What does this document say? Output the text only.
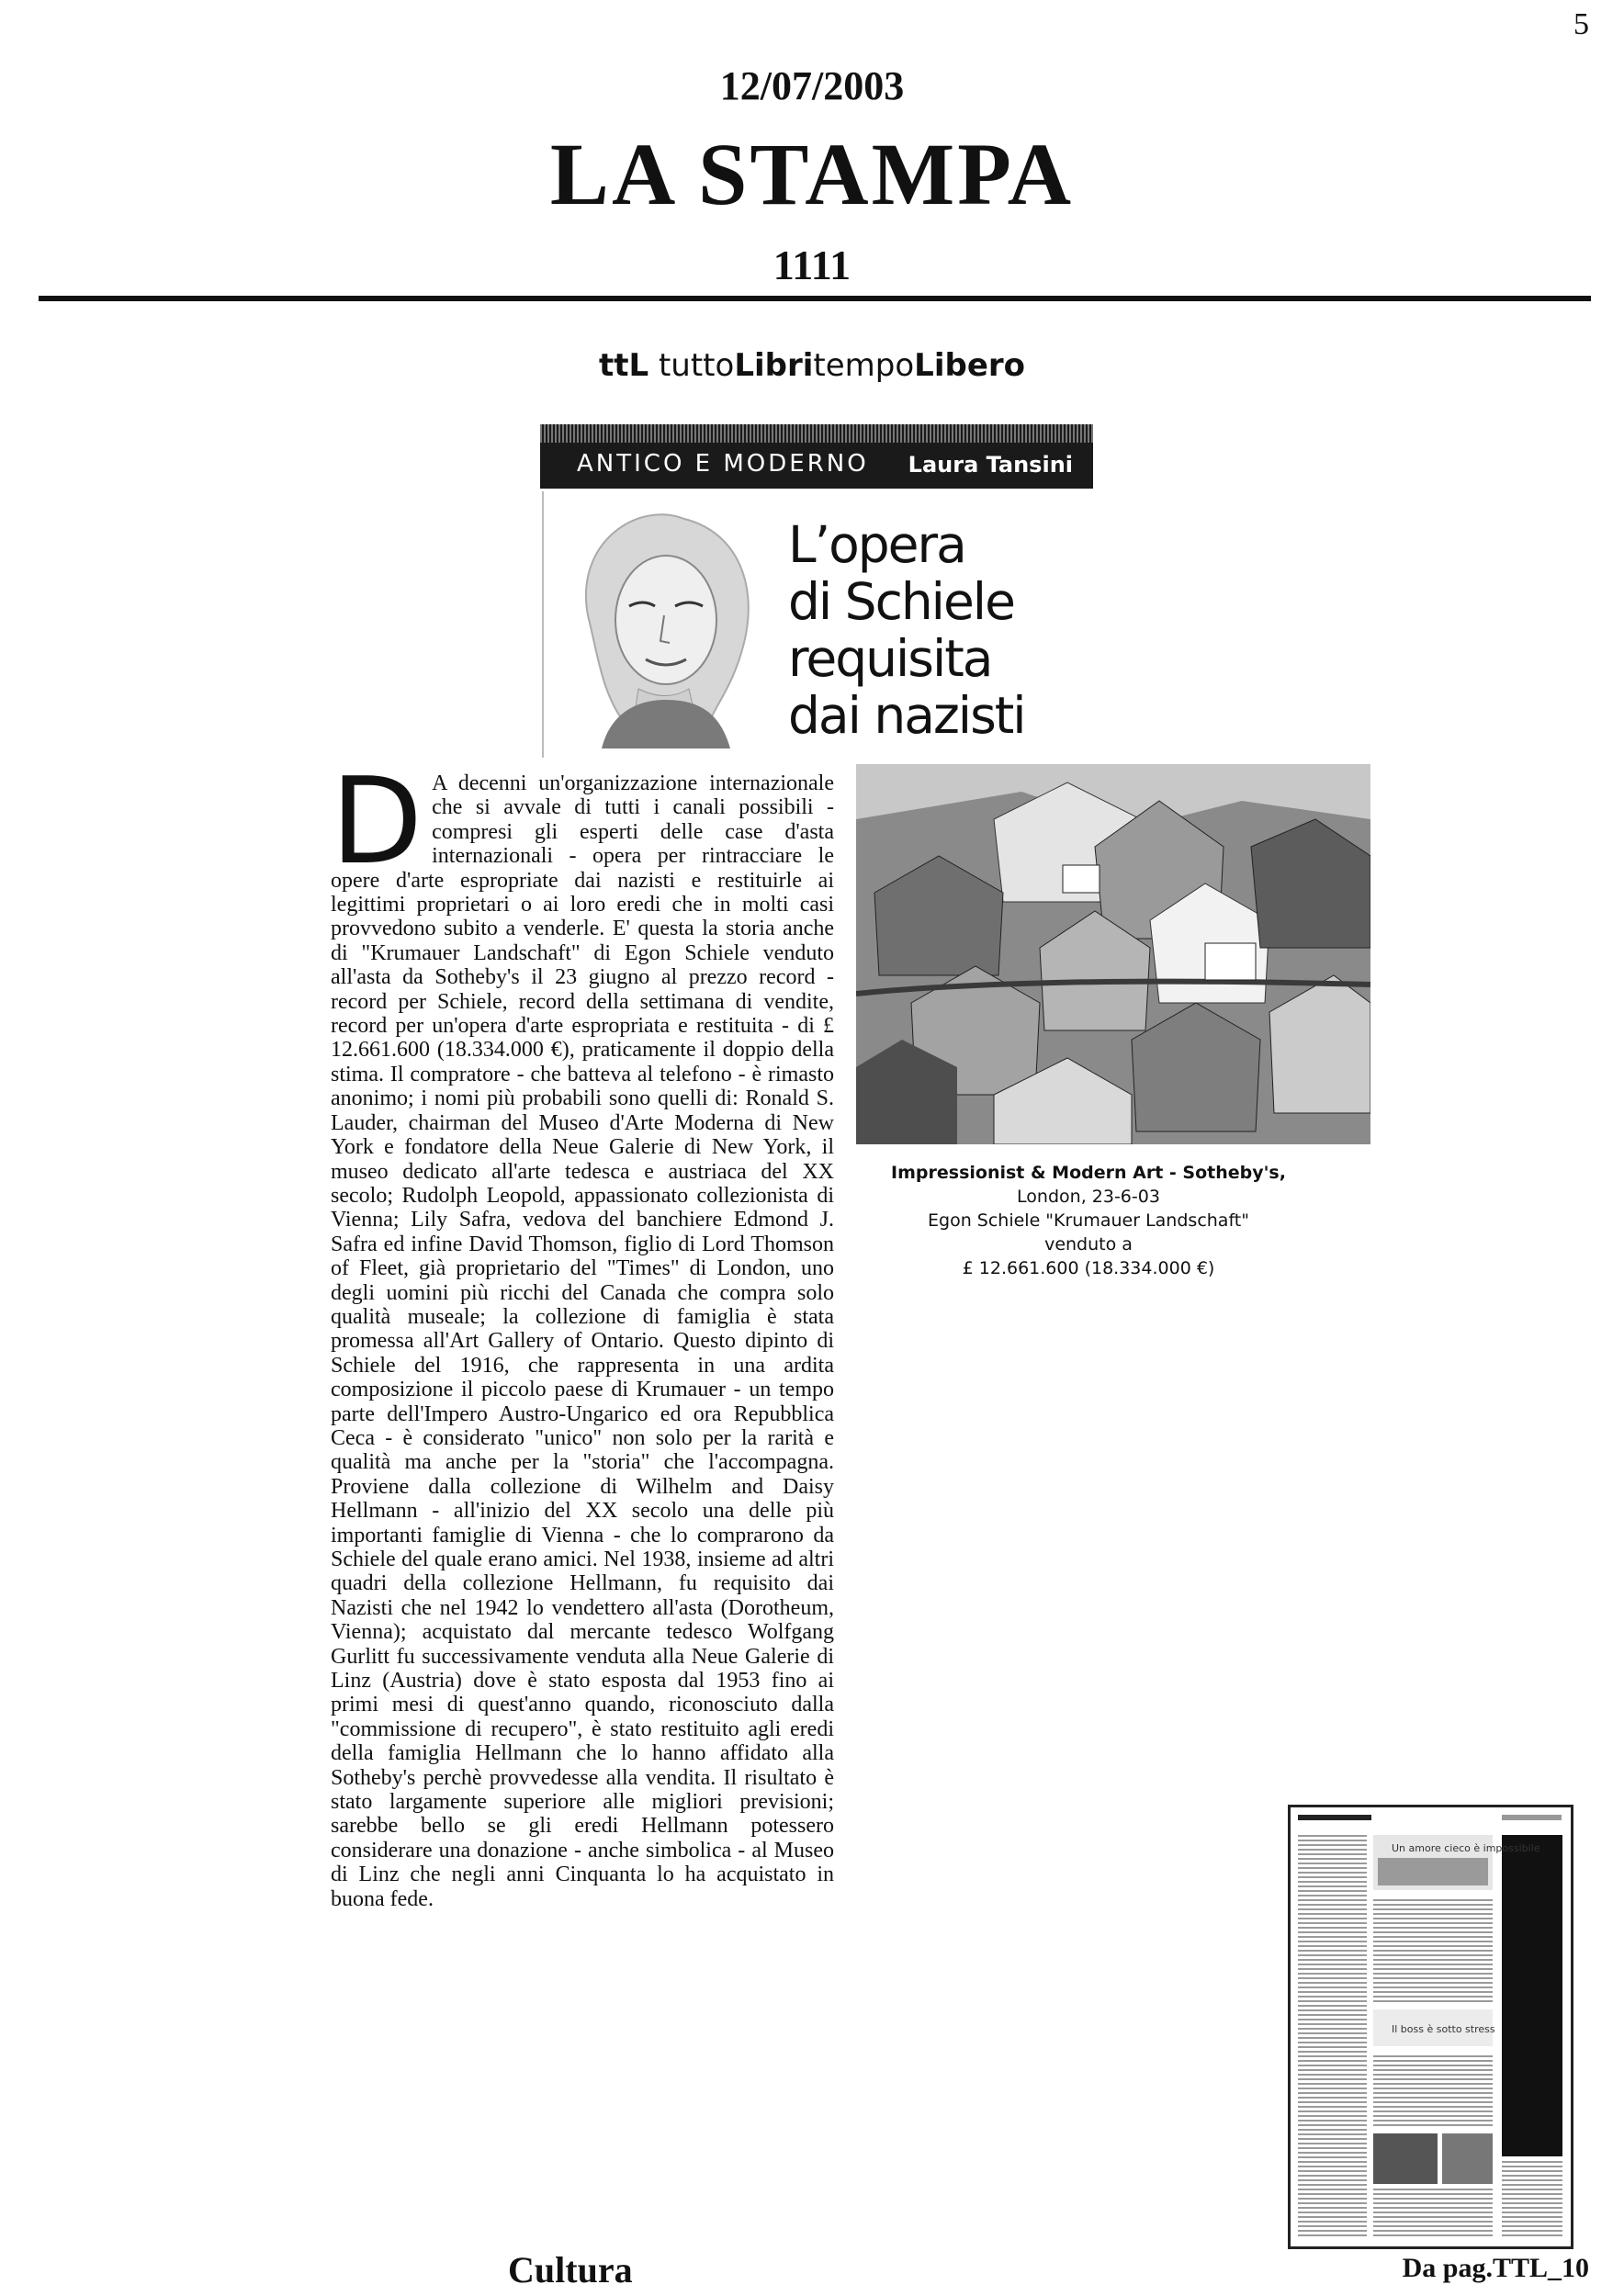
5
12/07/2003
LA STAMPA
1111
ttL tuttoLibritempoLibero
ANTICO E MODERNO Laura Tansini
L’opera
di Schiele
requisita
dai nazisti
D A decenni un'organizzazione internazionale che si avvale di tutti i canali possibili - compresi gli esperti delle case d'asta internazionali - opera per rintracciare le opere d'arte espropriate dai nazisti e restituirle ai legittimi proprietari o ai loro eredi che in molti casi provvedono subito a venderle. E' questa la storia anche di "Krumauer Landschaft" di Egon Schiele venduto all'asta da Sotheby's il 23 giugno al prezzo record - record per Schiele, record della settimana di vendite, record per un'opera d'arte espropriata e restituita - di £ 12.661.600 (18.334.000 €), praticamente il doppio della stima. Il compratore - che batteva al telefono - è rimasto anonimo; i nomi più probabili sono quelli di: Ronald S. Lauder, chairman del Museo d'Arte Moderna di New York e fondatore della Neue Galerie di New York, il museo dedicato all'arte tedesca e austriaca del XX secolo; Rudolph Leopold, appassionato collezionista di Vienna; Lily Safra, vedova del banchiere Edmond J. Safra ed infine David Thomson, figlio di Lord Thomson of Fleet, già proprietario del "Times" di London, uno degli uomini più ricchi del Canada che compra solo qualità museale; la collezione di famiglia è stata promessa all'Art Gallery of Ontario. Questo dipinto di Schiele del 1916, che rappresenta in una ardita composizione il piccolo paese di Krumauer - un tempo parte dell'Impero Austro-Ungarico ed ora Repubblica Ceca - è considerato "unico" non solo per la rarità e qualità ma anche per la "storia" che l'accompagna. Proviene dalla collezione di Wilhelm and Daisy Hellmann - all'inizio del XX secolo una delle più importanti famiglie di Vienna - che lo comprarono da Schiele del quale erano amici. Nel 1938, insieme ad altri quadri della collezione Hellmann, fu requisito dai Nazisti che nel 1942 lo vendettero all'asta (Dorotheum, Vienna); acquistato dal mercante tedesco Wolfgang Gurlitt fu successivamente venduta alla Neue Galerie di Linz (Austria) dove è stato esposta dal 1953 fino ai primi mesi di quest'anno quando, riconosciuto dalla "commissione di recupero", è stato restituito agli eredi della famiglia Hellmann che lo hanno affidato alla Sotheby's perchè provvedesse alla vendita. Il risultato è stato largamente superiore alle migliori previsioni; sarebbe bello se gli eredi Hellmann potessero considerare una donazione - anche simbolica - al Museo di Linz che negli anni Cinquanta lo ha acquistato in buona fede.
Impressionist & Modern Art - Sotheby's,
London, 23-6-03
Egon Schiele "Krumauer Landschaft"
venduto a
£ 12.661.600 (18.334.000 €)
Un amore cieco è impossibile
Il boss è sotto stress
Cultura	Da pag.TTL_10
